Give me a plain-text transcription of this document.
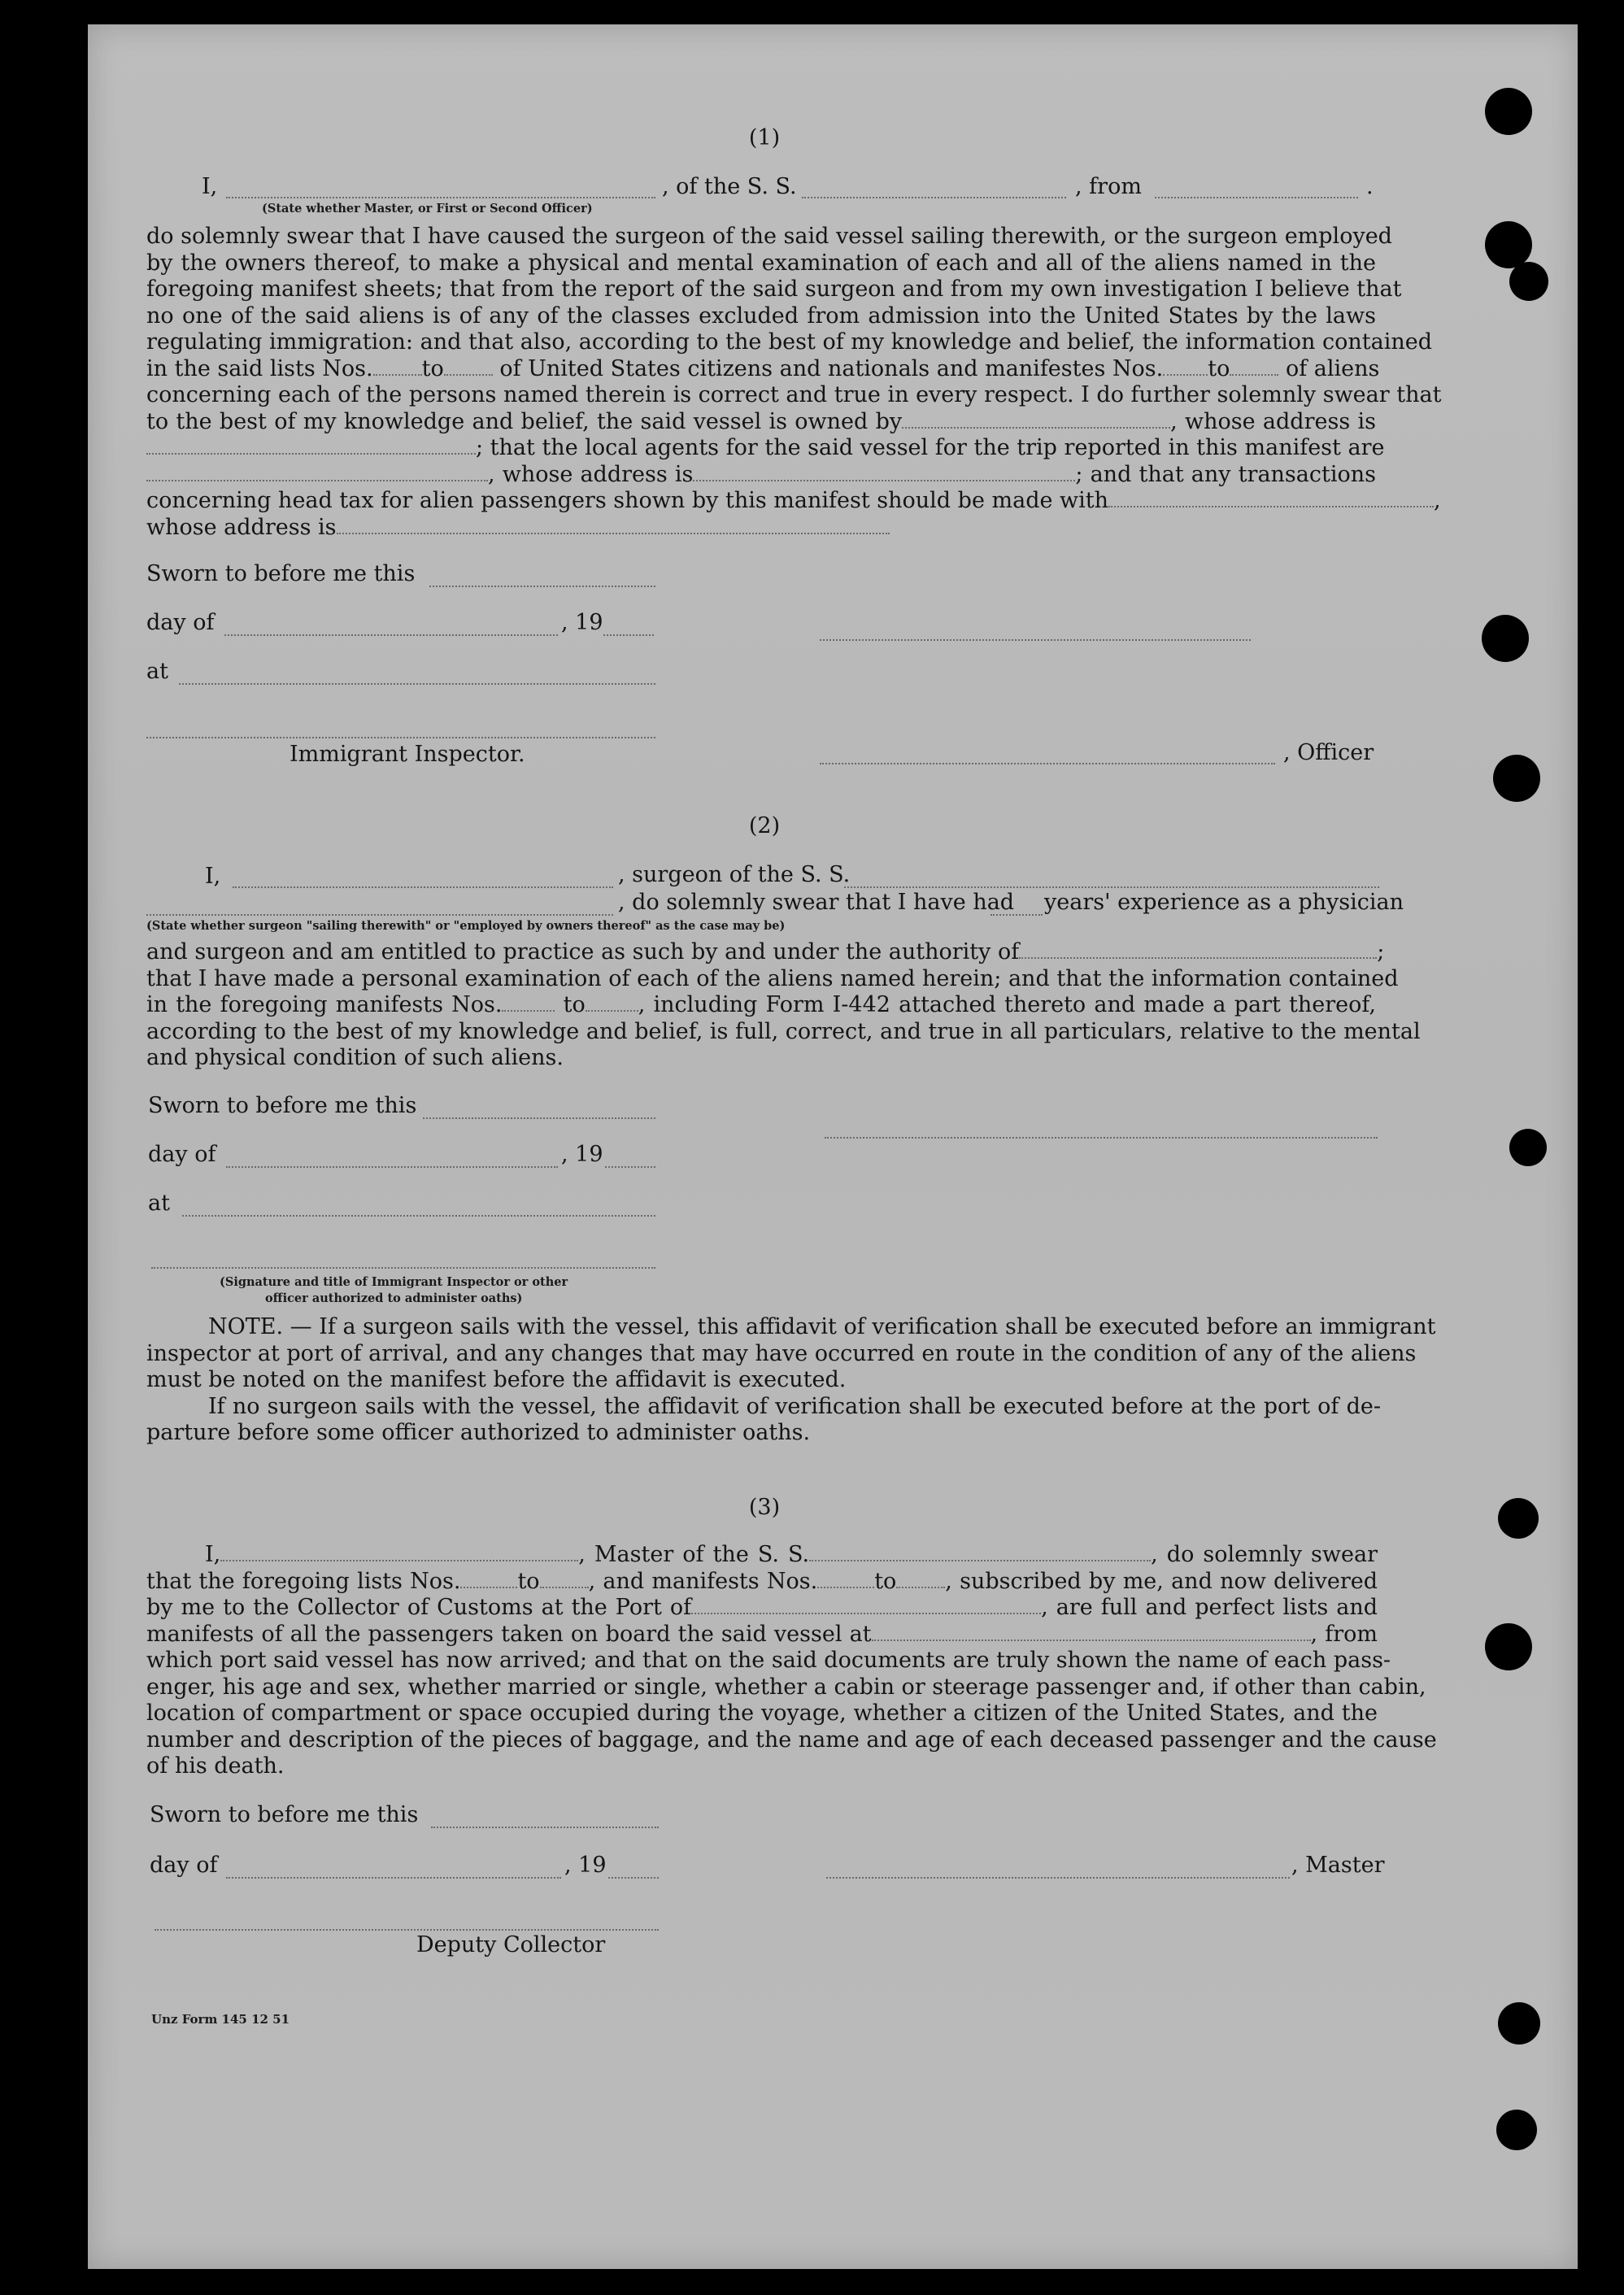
(1)
I,	, of the S. S.	, from	.
(State whether Master, or First or Second Officer)
do solemnly swear that I have caused the surgeon of the said vessel sailing therewith, or the surgeon employed
by the owners thereof, to make a physical and mental examination of each and all of the aliens named in the
foregoing manifest sheets; that from the report of the said surgeon and from my own investigation I believe that
no one of the said aliens is of any of the classes excluded from admission into the United States by the laws
regulating immigration: and that also, according to the best of my knowledge and belief, the information contained
in the said lists Nos. to	of United States citizens and nationals and manifestes Nos. to	of aliens
concerning each of the persons named therein is correct and true in every respect. I do further solemnly swear that
to the best of my knowledge and belief, the said vessel is owned by	, whose address is
; that the local agents for the said vessel for the trip reported in this manifest are
, whose address is	; and that any transactions
concerning head tax for alien passengers shown by this manifest should be made with	,
whose address is
Sworn to before me this
day of	, 19
at
Immigrant Inspector.	, Officer
(2)
I,	, surgeon of the S. S.
, do solemnly swear that I have had years' experience as a physician
(State whether surgeon "sailing therewith" or "employed by owners thereof" as the case may be)
and surgeon and am entitled to practice as such by and under the authority of	;
that I have made a personal examination of each of the aliens named herein; and that the information contained
in the foregoing manifests Nos.	to , including Form I-442 attached thereto and made a part thereof,
according to the best of my knowledge and belief, is full, correct, and true in all particulars, relative to the mental
and physical condition of such aliens.
Sworn to before me this
day of	, 19
at
(Signature and title of Immigrant Inspector or other
officer authorized to administer oaths)
NOTE. — If a surgeon sails with the vessel, this affidavit of verification shall be executed before an immigrant
inspector at port of arrival, and any changes that may have occurred en route in the condition of any of the aliens
must be noted on the manifest before the affidavit is executed.
If no surgeon sails with the vessel, the affidavit of verification shall be executed before at the port of de-
parture before some officer authorized to administer oaths.
(3)
I,	, Master of the S. S.	, do solemnly swear
that the foregoing lists Nos.	to , and manifests Nos.	to , subscribed by me, and now delivered
by me to the Collector of Customs at the Port of	, are full and perfect lists and
manifests of all the passengers taken on board the said vessel at	, from
which port said vessel has now arrived; and that on the said documents are truly shown the name of each pass-
enger, his age and sex, whether married or single, whether a cabin or steerage passenger and, if other than cabin,
location of compartment or space occupied during the voyage, whether a citizen of the United States, and the
number and description of the pieces of baggage, and the name and age of each deceased passenger and the cause
of his death.
Sworn to before me this
day of	, 19	, Master
Deputy Collector
Unz Form 145 12 51
